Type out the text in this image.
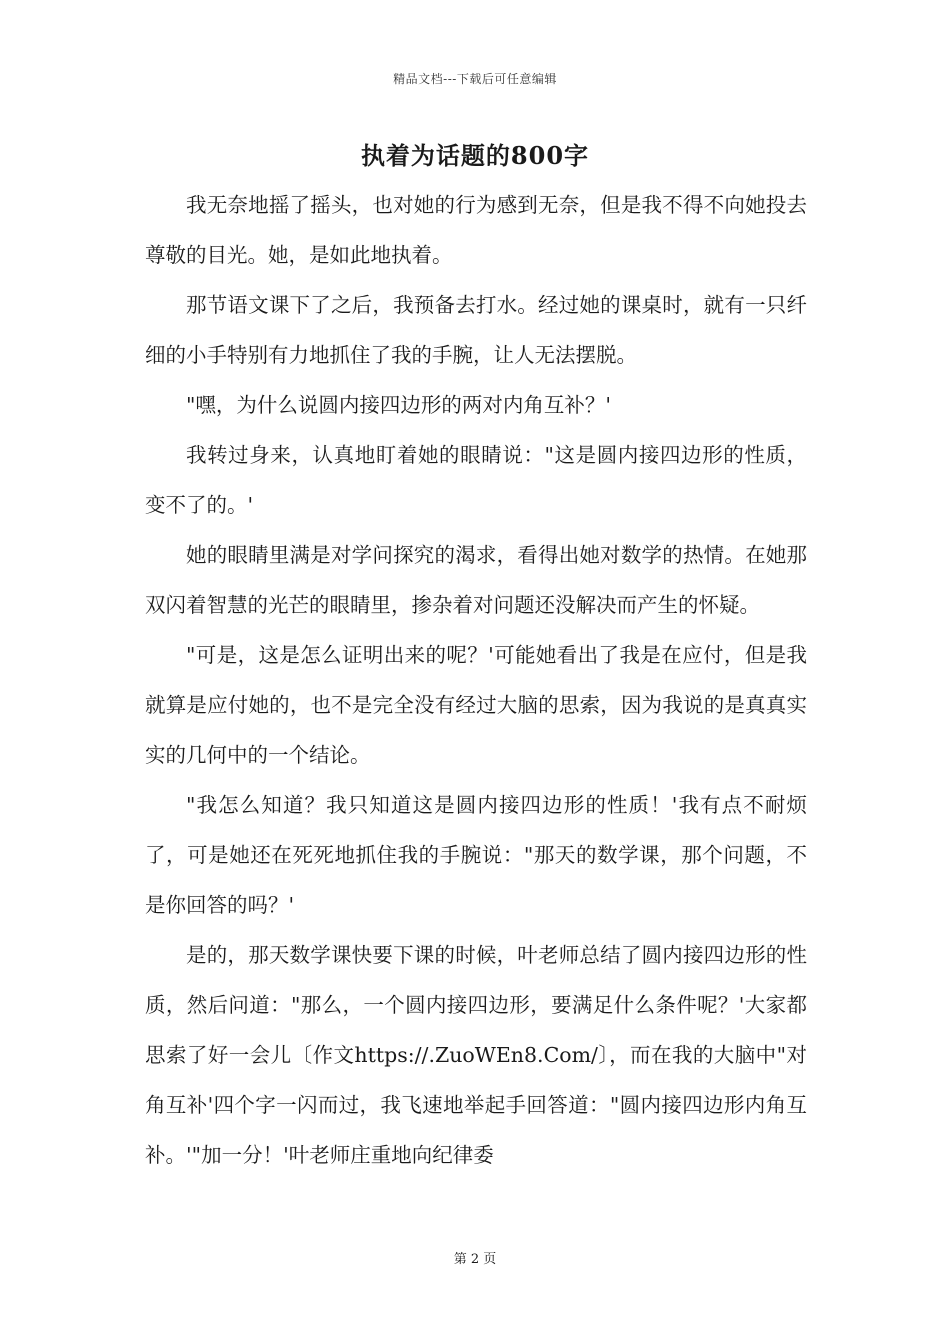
精品文档---下载后可任意编辑
执着为话题的800字

我无奈地摇了摇头，也对她的行为感到无奈，但是我不得不向她投去尊敬的目光。她，是如此地执着。

那节语文课下了之后，我预备去打水。经过她的课桌时，就有一只纤细的小手特别有力地抓住了我的手腕，让人无法摆脱。

"嘿，为什么说圆内接四边形的两对内角互补？'

我转过身来，认真地盯着她的眼睛说："这是圆内接四边形的性质，变不了的。'

她的眼睛里满是对学问探究的渴求，看得出她对数学的热情。在她那双闪着智慧的光芒的眼睛里，掺杂着对问题还没解决而产生的怀疑。

"可是，这是怎么证明出来的呢？'可能她看出了我是在应付，但是我就算是应付她的，也不是完全没有经过大脑的思索，因为我说的是真真实实的几何中的一个结论。

"我怎么知道？我只知道这是圆内接四边形的性质！'我有点不耐烦了，可是她还在死死地抓住我的手腕说："那天的数学课，那个问题，不是你回答的吗？'

是的，那天数学课快要下课的时候，叶老师总结了圆内接四边形的性质，然后问道："那么，一个圆内接四边形，要满足什么条件呢？'大家都思索了好一会儿〔作文https://.ZuoWEn8.Com/〕，而在我的大脑中"对角互补'四个字一闪而过，我飞速地举起手回答道："圆内接四边形内角互补。'"加一分！'叶老师庄重地向纪律委

第 2 页
